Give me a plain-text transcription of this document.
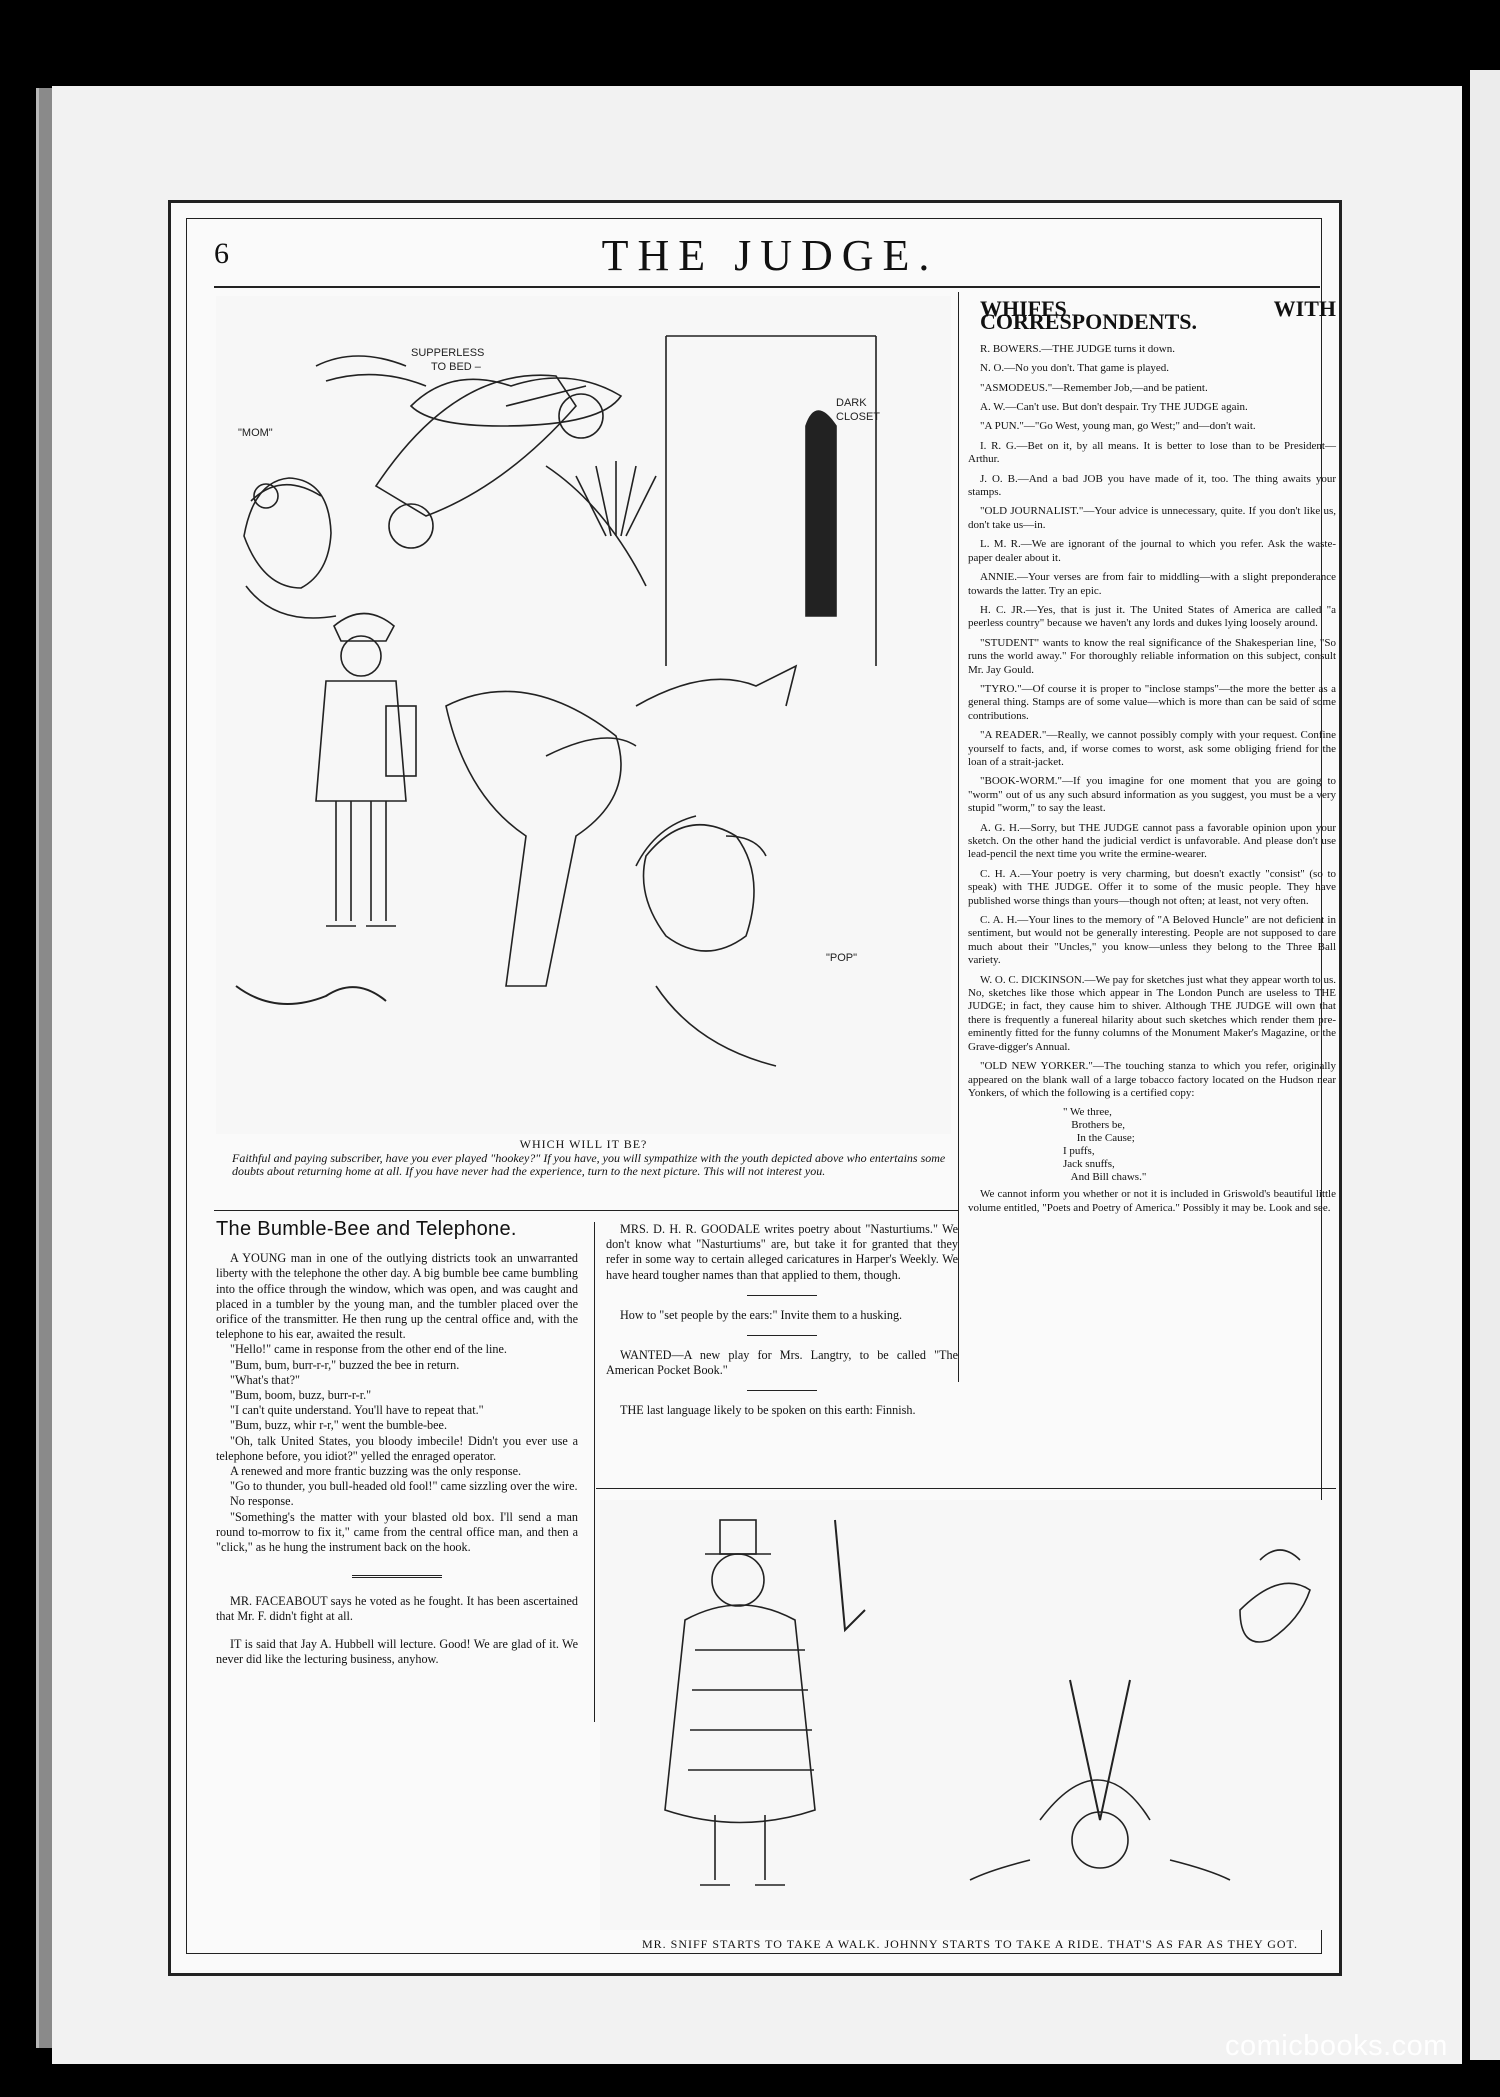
6	THE JUDGE.
SUPPERLESS
TO BED –
DARK
CLOSET
"MOM"
"POP"
WHICH WILL IT BE?
Faithful and paying subscriber, have you ever played "hookey?" If you have, you will sympathize with the youth depicted above who entertains some doubts about returning home at all. If you have never had the experience, turn to the next picture. This will not interest you.
WHIFFS WITH CORRESPONDENTS.

R. BOWERS.—THE JUDGE turns it down.

N. O.—No you don't. That game is played.

"ASMODEUS."—Remember Job,—and be patient.

A. W.—Can't use. But don't despair. Try THE JUDGE again.

"A PUN."—"Go West, young man, go West;" and—don't wait.

I. R. G.—Bet on it, by all means. It is better to lose than to be President—Arthur.

J. O. B.—And a bad JOB you have made of it, too. The thing awaits your stamps.

"OLD JOURNALIST."—Your advice is unnecessary, quite. If you don't like us, don't take us—in.

L. M. R.—We are ignorant of the journal to which you refer. Ask the waste-paper dealer about it.

ANNIE.—Your verses are from fair to middling—with a slight preponderance towards the latter. Try an epic.

H. C. JR.—Yes, that is just it. The United States of America are called "a peerless country" because we haven't any lords and dukes lying loosely around.

"STUDENT" wants to know the real significance of the Shakesperian line, "So runs the world away." For thoroughly reliable information on this subject, consult Mr. Jay Gould.

"TYRO."—Of course it is proper to "inclose stamps"—the more the better as a general thing. Stamps are of some value—which is more than can be said of some contributions.

"A READER."—Really, we cannot possibly comply with your request. Confine yourself to facts, and, if worse comes to worst, ask some obliging friend for the loan of a strait-jacket.

"BOOK-WORM."—If you imagine for one moment that you are going to "worm" out of us any such absurd information as you suggest, you must be a very stupid "worm," to say the least.

A. G. H.—Sorry, but THE JUDGE cannot pass a favorable opinion upon your sketch. On the other hand the judicial verdict is unfavorable. And please don't use lead-pencil the next time you write the ermine-wearer.

C. H. A.—Your poetry is very charming, but doesn't exactly "consist" (so to speak) with THE JUDGE. Offer it to some of the music people. They have published worse things than yours—though not often; at least, not very often.

C. A. H.—Your lines to the memory of "A Beloved Huncle" are not deficient in sentiment, but would not be generally interesting. People are not supposed to care much about their "Uncles," you know—unless they belong to the Three Ball variety.

W. O. C. DICKINSON.—We pay for sketches just what they appear worth to us. No, sketches like those which appear in The London Punch are useless to THE JUDGE; in fact, they cause him to shiver. Although THE JUDGE will own that there is frequently a funereal hilarity about such sketches which render them pre-eminently fitted for the funny columns of the Monument Maker's Magazine, or the Grave-digger's Annual.

"OLD NEW YORKER."—The touching stanza to which you refer, originally appeared on the blank wall of a large tobacco factory located on the Hudson near Yonkers, of which the following is a certified copy:

" We three,
Brothers be,
In the Cause;
I puffs,
Jack snuffs,
And Bill chaws."

We cannot inform you whether or not it is included in Griswold's beautiful little volume entitled, "Poets and Poetry of America." Possibly it may be. Look and see.

The Bumble-Bee and Telephone.

A YOUNG man in one of the outlying districts took an unwarranted liberty with the telephone the other day. A big bumble bee came bumbling into the office through the window, which was open, and was caught and placed in a tumbler by the young man, and the tumbler placed over the orifice of the transmitter. He then rung up the central office and, with the telephone to his ear, awaited the result.

"Hello!" came in response from the other end of the line.

"Bum, bum, burr-r-r," buzzed the bee in return.

"What's that?"

"Bum, boom, buzz, burr-r-r."

"I can't quite understand. You'll have to repeat that."

"Bum, buzz, whir r-r," went the bumble-bee.

"Oh, talk United States, you bloody imbecile! Didn't you ever use a telephone before, you idiot?" yelled the enraged operator.

A renewed and more frantic buzzing was the only response.

"Go to thunder, you bull-headed old fool!" came sizzling over the wire.

No response.

"Something's the matter with your blasted old box. I'll send a man round to-morrow to fix it," came from the central office man, and then a "click," as he hung the instrument back on the hook.

MR. FACEABOUT says he voted as he fought. It has been ascertained that Mr. F. didn't fight at all.

IT is said that Jay A. Hubbell will lecture. Good! We are glad of it. We never did like the lecturing business, anyhow.

MRS. D. H. R. GOODALE writes poetry about "Nasturtiums." We don't know what "Nasturtiums" are, but take it for granted that they refer in some way to certain alleged caricatures in Harper's Weekly. We have heard tougher names than that applied to them, though.

How to "set people by the ears:" Invite them to a husking.

WANTED—A new play for Mrs. Langtry, to be called "The American Pocket Book."

THE last language likely to be spoken on this earth: Finnish.

MR. SNIFF STARTS TO TAKE A WALK. JOHNNY STARTS TO TAKE A RIDE. THAT'S AS FAR AS THEY GOT.
comicbooks.com
